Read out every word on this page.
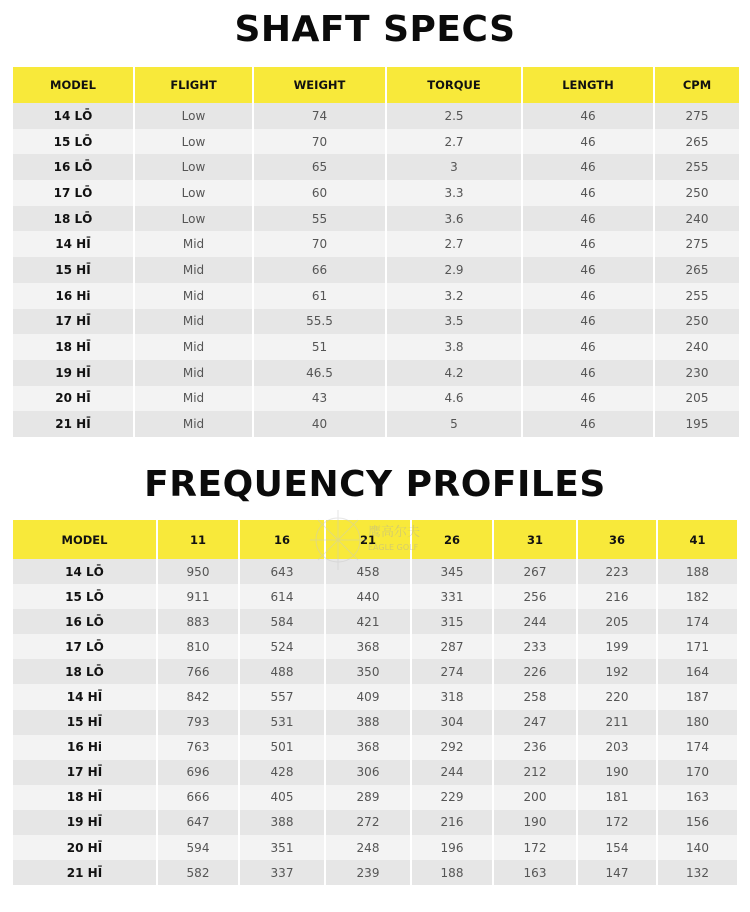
SHAFT SPECS
MODEL	FLIGHT	WEIGHT	TORQUE	LENGTH	CPM
14 LŌ	Low	74	2.5	46	275
15 LŌ	Low	70	2.7	46	265
16 LŌ	Low	65	3	46	255
17 LŌ	Low	60	3.3	46	250
18 LŌ	Low	55	3.6	46	240
14 HĪ	Mid	70	2.7	46	275
15 HĪ	Mid	66	2.9	46	265
16 Hi	Mid	61	3.2	46	255
17 HĪ	Mid	55.5	3.5	46	250
18 HĪ	Mid	51	3.8	46	240
19 HĪ	Mid	46.5	4.2	46	230
20 HĪ	Mid	43	4.6	46	205
21 HĪ	Mid	40	5	46	195
FREQUENCY PROFILES
MODEL	11	16	21	26	31	36	41
14 LŌ	950	643	458	345	267	223	188
15 LŌ	911	614	440	331	256	216	182
16 LŌ	883	584	421	315	244	205	174
17 LŌ	810	524	368	287	233	199	171
18 LŌ	766	488	350	274	226	192	164
14 HĪ	842	557	409	318	258	220	187
15 HĪ	793	531	388	304	247	211	180
16 Hi	763	501	368	292	236	203	174
17 HĪ	696	428	306	244	212	190	170
18 HĪ	666	405	289	229	200	181	163
19 HĪ	647	388	272	216	190	172	156
20 HĪ	594	351	248	196	172	154	140
21 HĪ	582	337	239	188	163	147	132
鹰高尔夫
EAGLE GOLF
